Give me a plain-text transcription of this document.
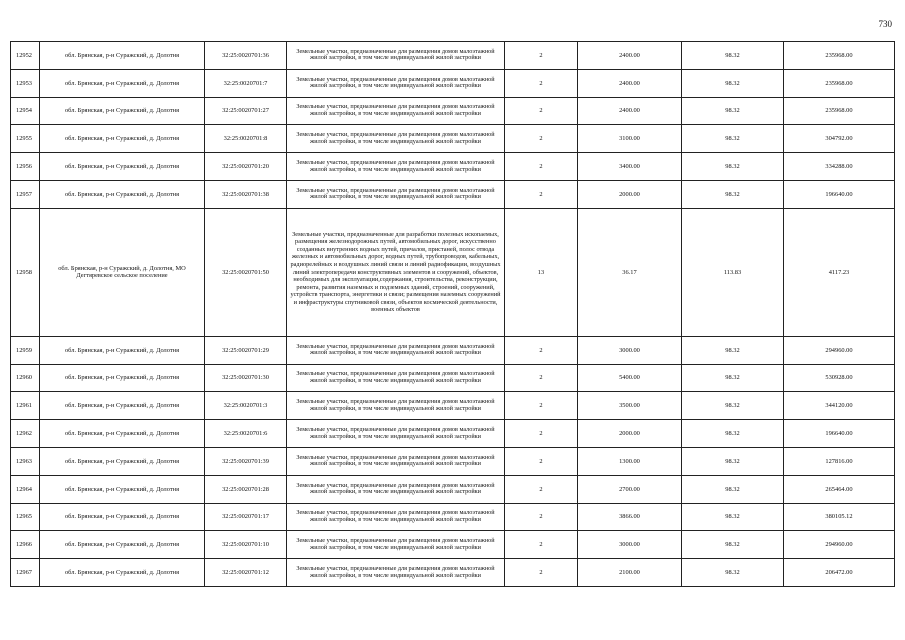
730
12952	обл. Брянская, р-н Суражский, д. Долотня	32:25:0020701:36	Земельные участки, предназначенные для размещения домов малоэтажной жилой застройки, в том числе индивидуальной жилой застройки	2	2400.00	98.32	235968.00
12953	обл. Брянская, р-н Суражский, д. Долотня	32:25:0020701:7	Земельные участки, предназначенные для размещения домов малоэтажной жилой застройки, в том числе индивидуальной жилой застройки	2	2400.00	98.32	235968.00
12954	обл. Брянская, р-н Суражский, д. Долотня	32:25:0020701:27	Земельные участки, предназначенные для размещения домов малоэтажной жилой застройки, в том числе индивидуальной жилой застройки	2	2400.00	98.32	235968.00
12955	обл. Брянская, р-н Суражский, д. Долотня	32:25:0020701:8	Земельные участки, предназначенные для размещения домов малоэтажной жилой застройки, в том числе индивидуальной жилой застройки	2	3100.00	98.32	304792.00
12956	обл. Брянская, р-н Суражский, д. Долотня	32:25:0020701:20	Земельные участки, предназначенные для размещения домов малоэтажной жилой застройки, в том числе индивидуальной жилой застройки	2	3400.00	98.32	334288.00
12957	обл. Брянская, р-н Суражский, д. Долотня	32:25:0020701:38	Земельные участки, предназначенные для размещения домов малоэтажной жилой застройки, в том числе индивидуальной жилой застройки	2	2000.00	98.32	196640.00
12958	обл. Брянская, р-н Суражский, д. Долотня, МО Дегтяревское сельское поселение	32:25:0020701:50	Земельные участки, предназначенные для разработки полезных ископаемых, размещения железнодорожных путей, автомобильных дорог, искусственно созданных внутренних водных путей, причалов, пристаней, полос отвода железных и автомобильных дорог, водных путей, трубопроводов, кабельных, радиорелейных и воздушных линий связи и линий радиофикации, воздушных линий электропередачи конструктивных элементов и сооружений, объектов, необходимых для эксплуатации,содержания, строительства, реконструкции, ремонта, развития наземных и подземных зданий, строений, сооружений, устройств транспорта, энергетики и связи; размещения наземных сооружений и инфраструктуры спутниковой связи, объектов космической деятельности, военных объектов	13	36.17	113.83	4117.23
12959	обл. Брянская, р-н Суражский, д. Долотня	32:25:0020701:29	Земельные участки, предназначенные для размещения домов малоэтажной жилой застройки, в том числе индивидуальной жилой застройки	2	3000.00	98.32	294960.00
12960	обл. Брянская, р-н Суражский, д. Долотня	32:25:0020701:30	Земельные участки, предназначенные для размещения домов малоэтажной жилой застройки, в том числе индивидуальной жилой застройки	2	5400.00	98.32	530928.00
12961	обл. Брянская, р-н Суражский, д. Долотня	32:25:0020701:3	Земельные участки, предназначенные для размещения домов малоэтажной жилой застройки, в том числе индивидуальной жилой застройки	2	3500.00	98.32	344120.00
12962	обл. Брянская, р-н Суражский, д. Долотня	32:25:0020701:6	Земельные участки, предназначенные для размещения домов малоэтажной жилой застройки, в том числе индивидуальной жилой застройки	2	2000.00	98.32	196640.00
12963	обл. Брянская, р-н Суражский, д. Долотня	32:25:0020701:39	Земельные участки, предназначенные для размещения домов малоэтажной жилой застройки, в том числе индивидуальной жилой застройки	2	1300.00	98.32	127816.00
12964	обл. Брянская, р-н Суражский, д. Долотня	32:25:0020701:28	Земельные участки, предназначенные для размещения домов малоэтажной жилой застройки, в том числе индивидуальной жилой застройки	2	2700.00	98.32	265464.00
12965	обл. Брянская, р-н Суражский, д. Долотня	32:25:0020701:17	Земельные участки, предназначенные для размещения домов малоэтажной жилой застройки, в том числе индивидуальной жилой застройки	2	3866.00	98.32	380105.12
12966	обл. Брянская, р-н Суражский, д. Долотня	32:25:0020701:10	Земельные участки, предназначенные для размещения домов малоэтажной жилой застройки, в том числе индивидуальной жилой застройки	2	3000.00	98.32	294960.00
12967	обл. Брянская, р-н Суражский, д. Долотня	32:25:0020701:12	Земельные участки, предназначенные для размещения домов малоэтажной жилой застройки, в том числе индивидуальной жилой застройки	2	2100.00	98.32	206472.00
